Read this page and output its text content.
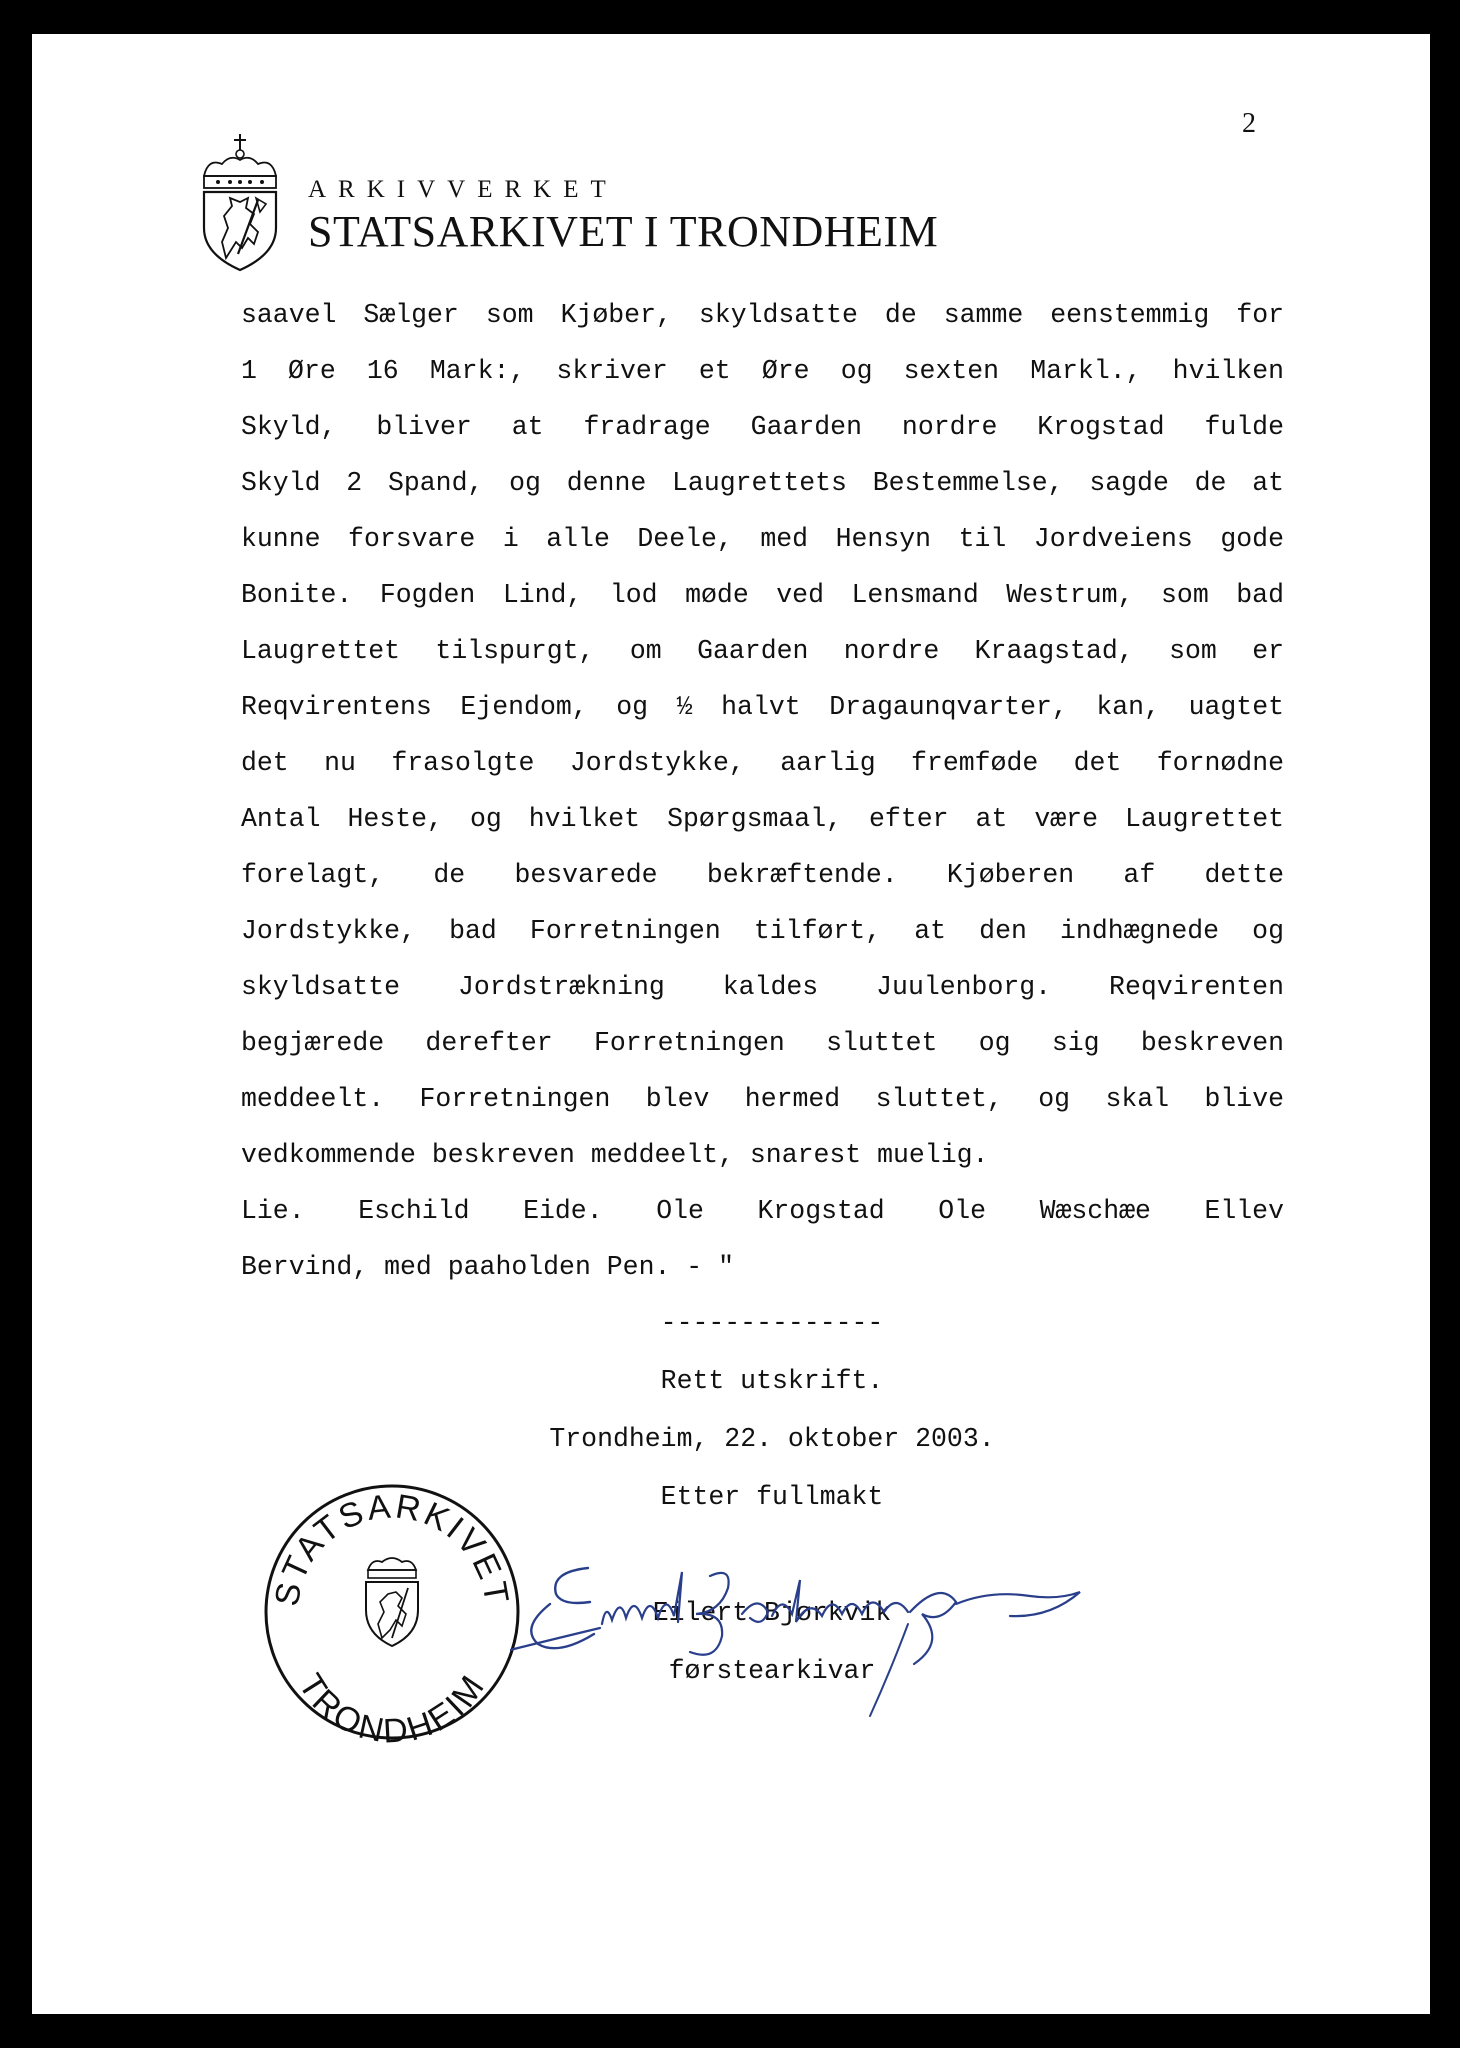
2
ARKIVVERKET
STATSARKIVET I TRONDHEIM
saavel Sælger som Kjøber, skyldsatte de samme eenstemmig for
1 Øre 16 Mark:, skriver et Øre og sexten Markl., hvilken
Skyld, bliver at fradrage Gaarden nordre Krogstad fulde
Skyld 2 Spand, og denne Laugrettets Bestemmelse, sagde de at
kunne forsvare i alle Deele, med Hensyn til Jordveiens gode
Bonite. Fogden Lind, lod møde ved Lensmand Westrum, som bad
Laugrettet tilspurgt, om Gaarden nordre Kraagstad, som er
Reqvirentens Ejendom, og ½ halvt Dragaunqvarter, kan, uagtet
det nu frasolgte Jordstykke, aarlig fremføde det fornødne
Antal Heste, og hvilket Spørgsmaal, efter at være Laugrettet
forelagt, de besvarede bekræftende. Kjøberen af dette
Jordstykke, bad Forretningen tilført, at den indhægnede og
skyldsatte Jordstrækning kaldes Juulenborg. Reqvirenten
begjærede derefter Forretningen sluttet og sig beskreven
meddeelt. Forretningen blev hermed sluttet, og skal blive
vedkommende beskreven meddeelt, snarest muelig.
Lie. Eschild Eide. Ole Krogstad Ole Wæschæe Ellev
Bervind, med paaholden Pen. - "
--------------
Rett utskrift.
Trondheim, 22. oktober 2003.
Etter fullmakt
Eilert Bjørkvik
førstearkivar
STATSARKIVET
TRONDHEIM
